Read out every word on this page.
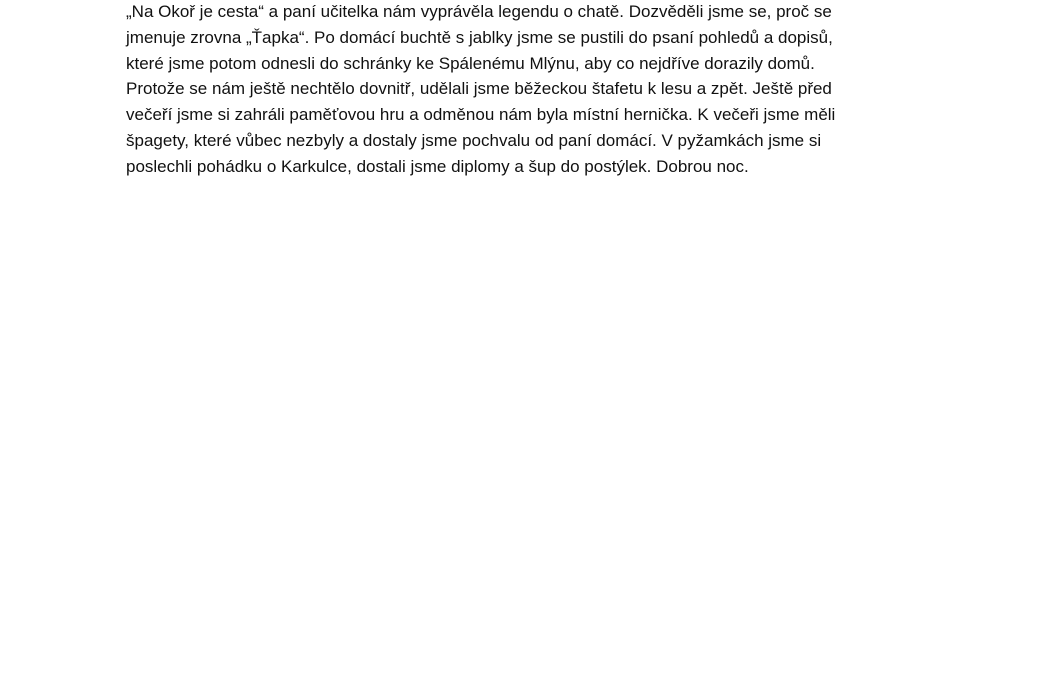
„Na Okoř je cesta“ a paní učitelka nám vyprávěla legendu o chatě. Dozvěděli jsme se, proč se
jmenuje zrovna „Ťapka“. Po domácí buchtě s jablky jsme se pustili do psaní pohledů a dopisů,
které jsme potom odnesli do schránky ke Spálenému Mlýnu, aby co nejdříve dorazily domů.
Protože se nám ještě nechtělo dovnitř, udělali jsme běžeckou štafetu k lesu a zpět. Ještě před
večeří jsme si zahráli paměťovou hru a odměnou nám byla místní hernička. K večeři jsme měli
špagety, které vůbec nezbyly a dostaly jsme pochvalu od paní domácí. V pyžamkách jsme si
poslechli pohádku o Karkulce, dostali jsme diplomy a šup do postýlek. Dobrou noc.
